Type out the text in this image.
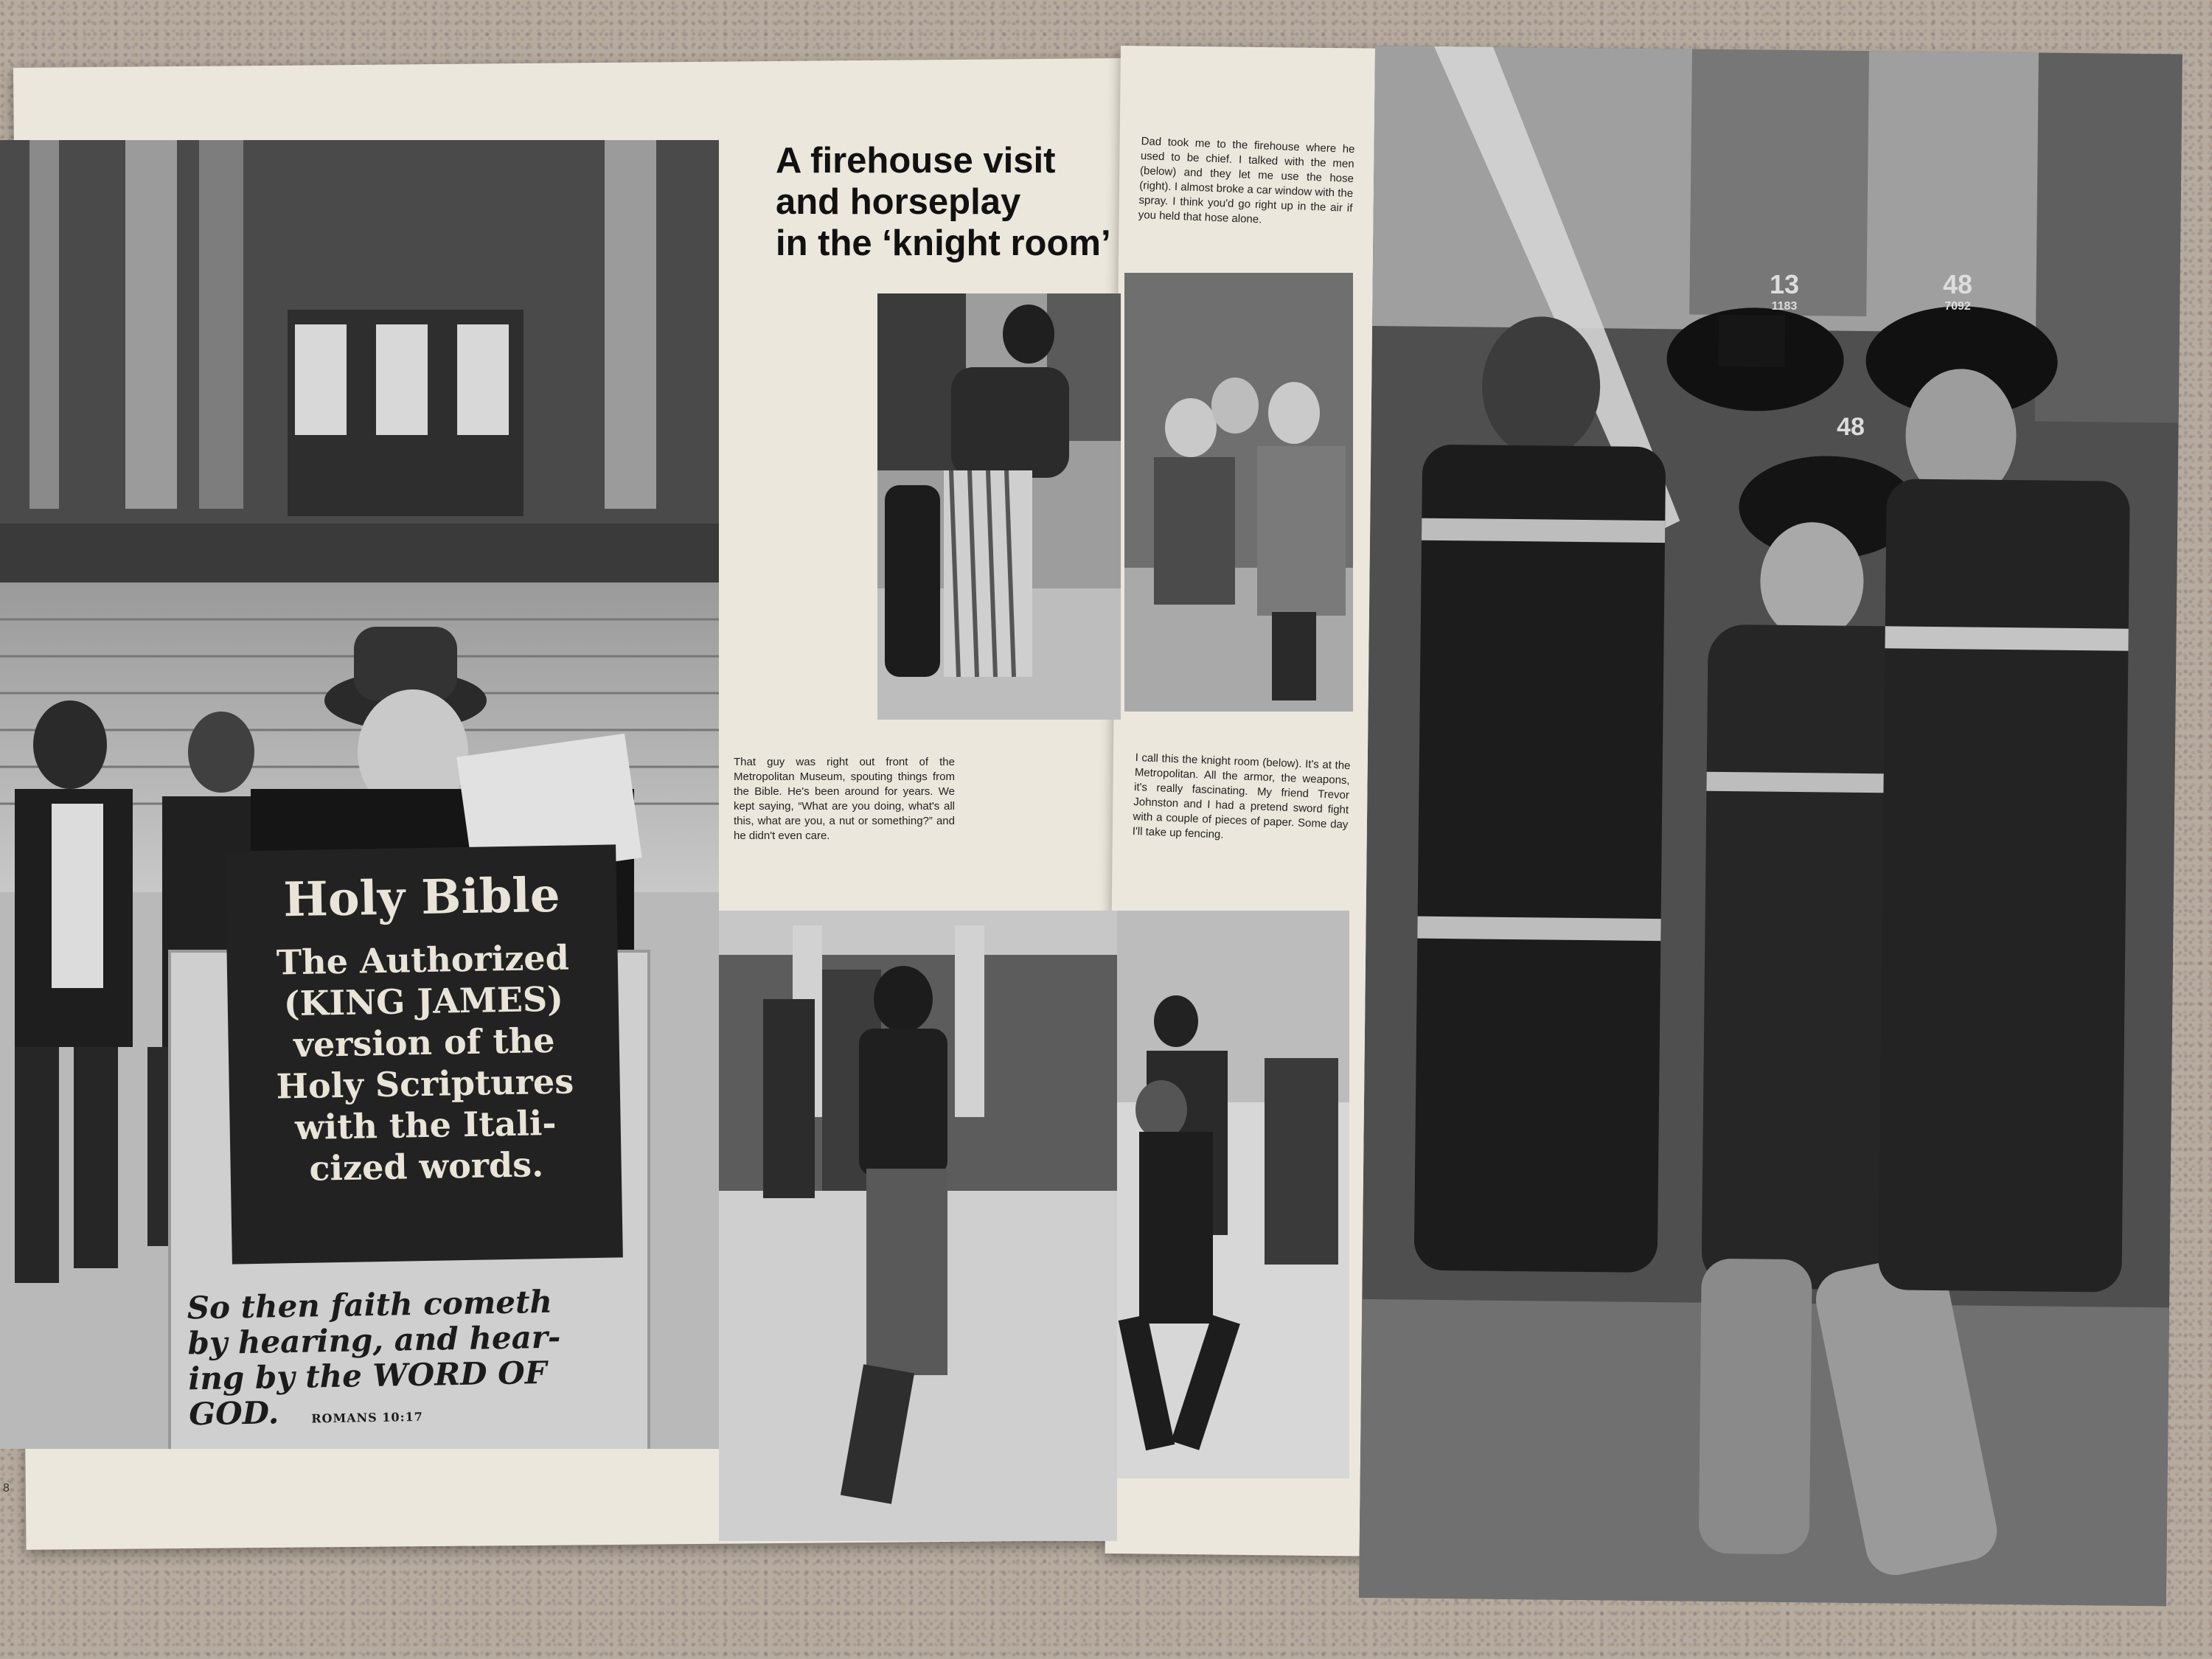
Holy Bible
The Authorized
(KING JAMES)
version of the
Holy Scriptures
with the Itali-
cized words.
So then faith cometh
by hearing, and hear-
ing by the WORD OF
GOD.	ROMANS 10:17
A firehouse visit
and horseplay
in the ‘knight room’
Dad took me to the firehouse where he used to be chief. I talked with the men (below) and they let me use the hose (right). I almost broke a car window with the spray. I think you'd go right up in the air if you held that hose alone.
That guy was right out front of the Metropolitan Museum, spouting things from the Bible. He's been around for years. We kept saying, “What are you doing, what's all this, what are you, a nut or something?” and he didn't even care.
I call this the knight room (below). It's at the Metropolitan. All the armor, the weapons, it's really fascinating. My friend Trevor Johnston and I had a pretend sword fight with a couple of pieces of paper. Some day I'll take up fencing.
13
1183
48
7092
48
8
